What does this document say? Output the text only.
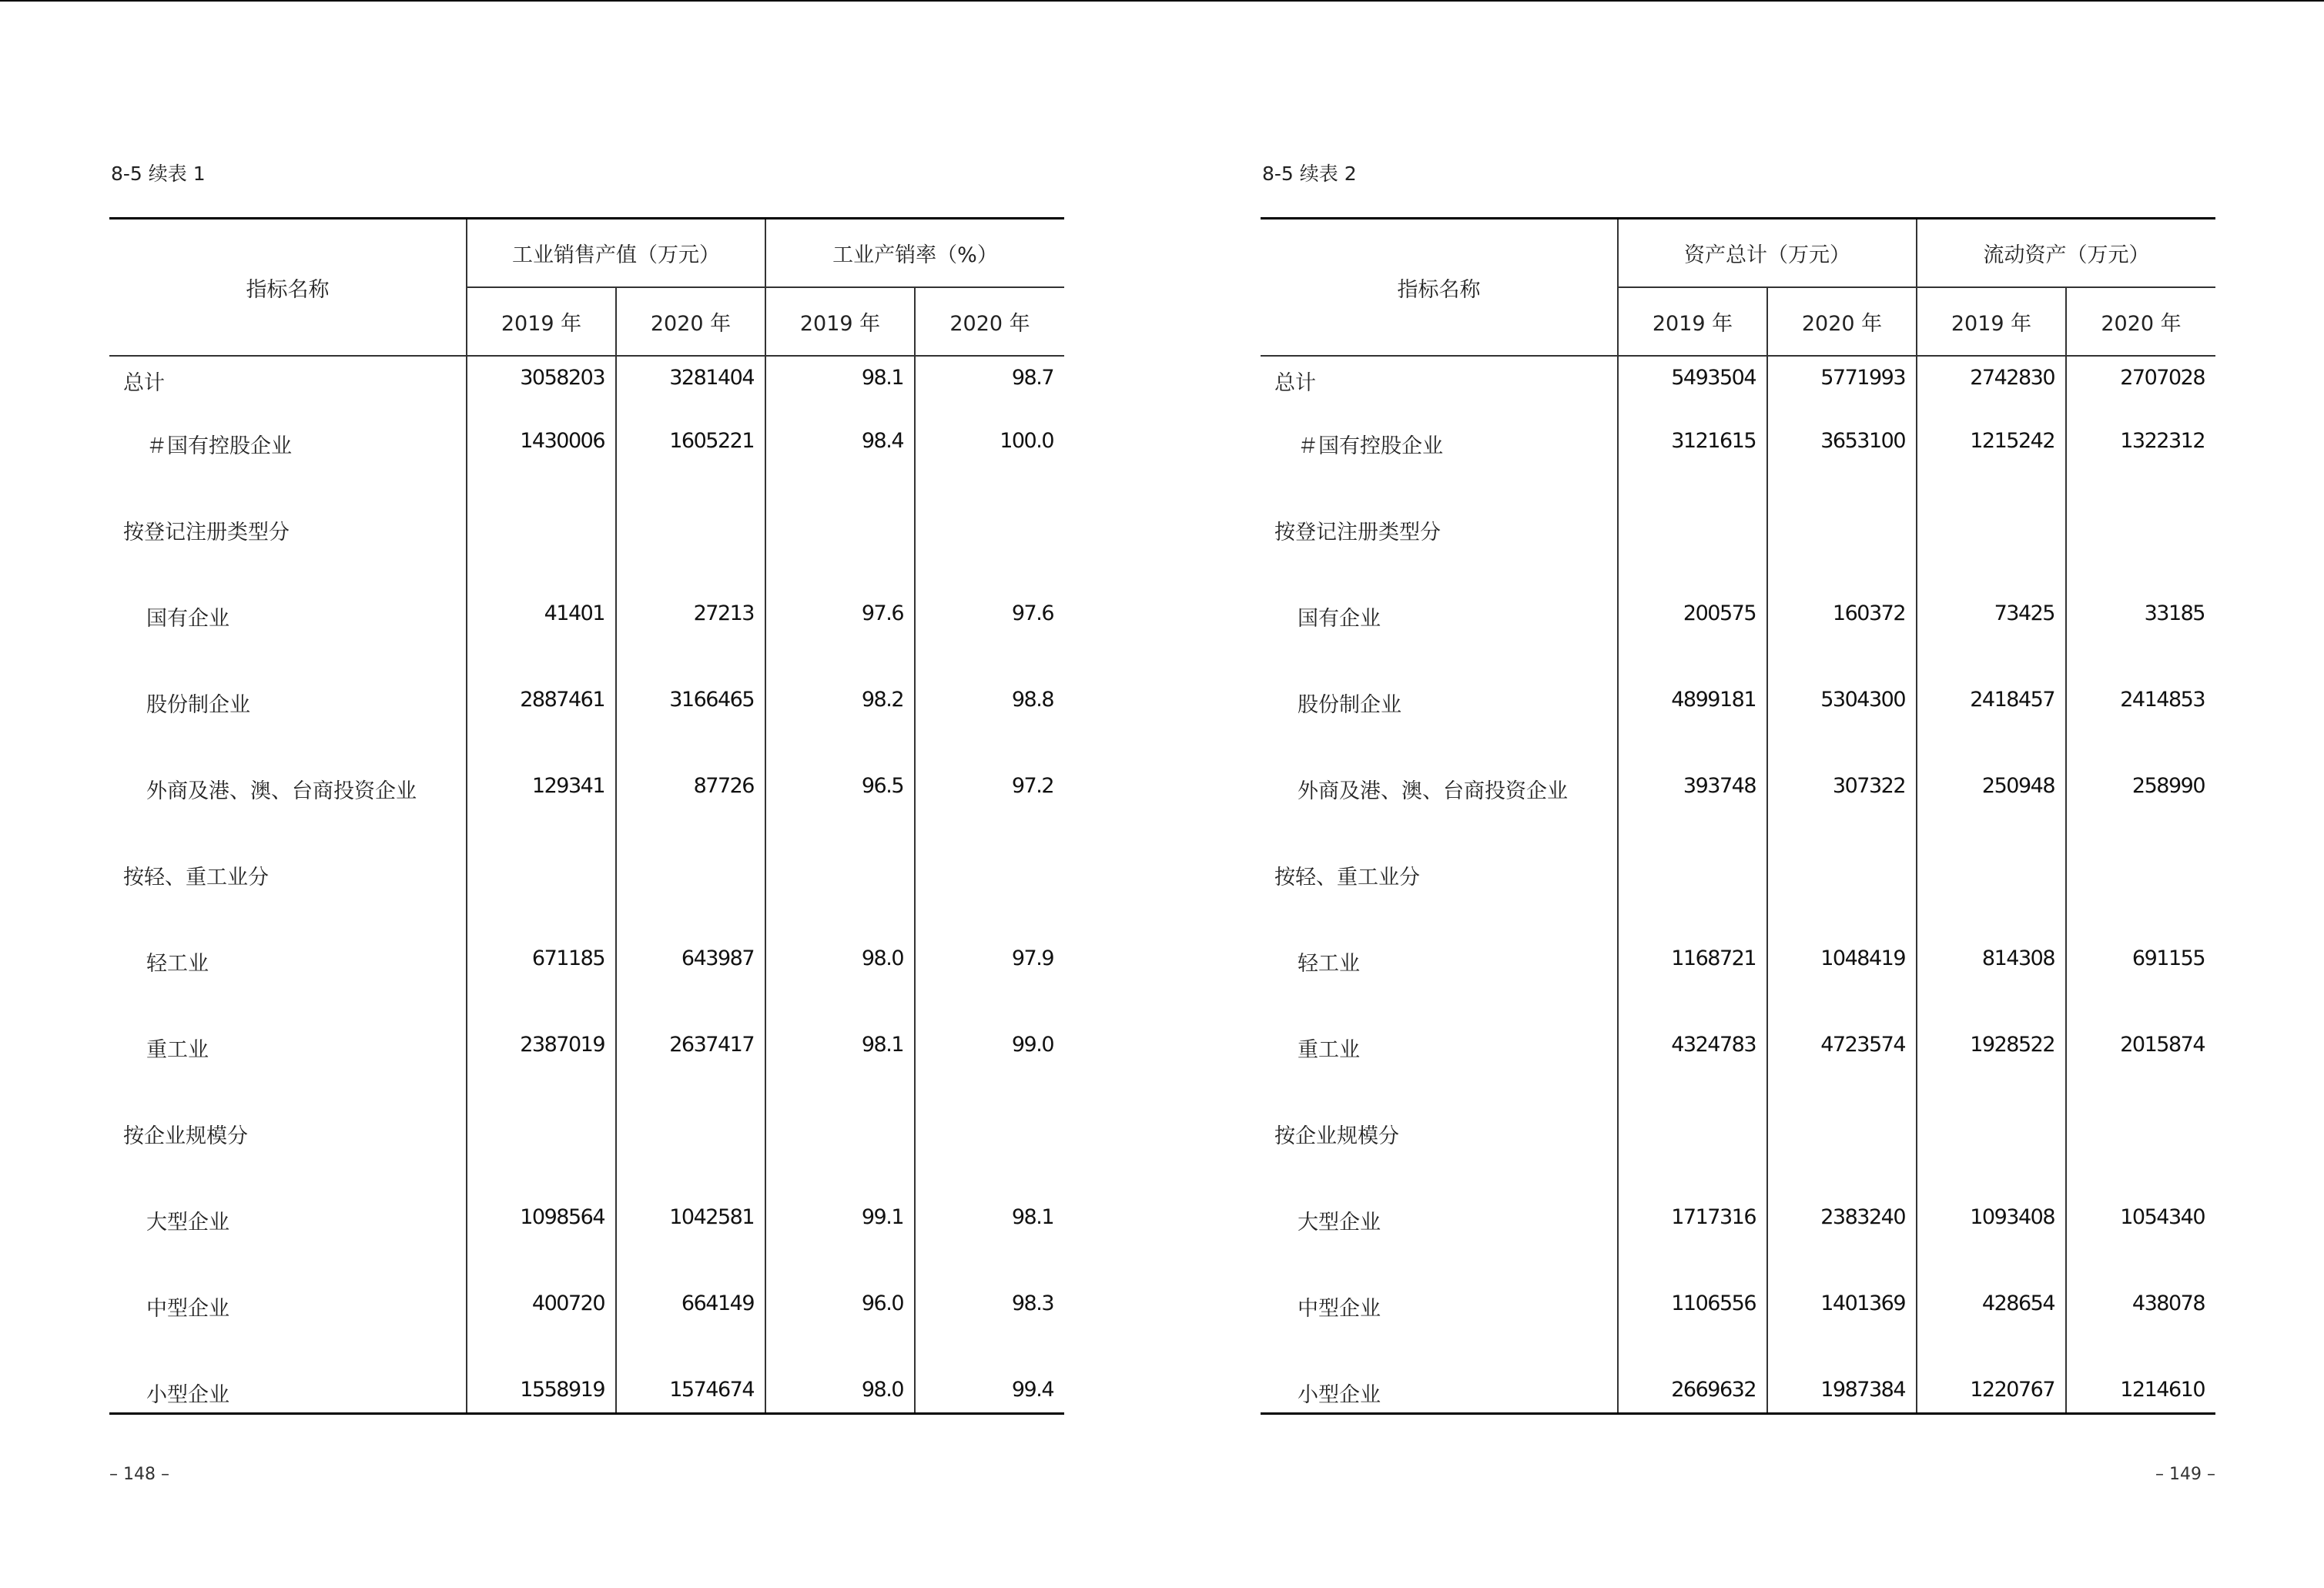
8-5 续表 1
指标名称	工业销售产值（万元）		工业产销率（%）	
	2019 年	2020 年	2019 年	2020 年
总计	3058203	3281404	98.1	98.7
＃国有控股企业	1430006	1605221	98.4	100.0
按登记注册类型分				
国有企业	41401	27213	97.6	97.6
股份制企业	2887461	3166465	98.2	98.8
外商及港、澳、台商投资企业	129341	87726	96.5	97.2
按轻、重工业分				
轻工业	671185	643987	98.0	97.9
重工业	2387019	2637417	98.1	99.0
按企业规模分				
大型企业	1098564	1042581	99.1	98.1
中型企业	400720	664149	96.0	98.3
小型企业	1558919	1574674	98.0	99.4
– 148 –
8-5 续表 2
指标名称	资产总计（万元）		流动资产（万元）	
	2019 年	2020 年	2019 年	2020 年
总计	5493504	5771993	2742830	2707028
＃国有控股企业	3121615	3653100	1215242	1322312
按登记注册类型分				
国有企业	200575	160372	73425	33185
股份制企业	4899181	5304300	2418457	2414853
外商及港、澳、台商投资企业	393748	307322	250948	258990
按轻、重工业分				
轻工业	1168721	1048419	814308	691155
重工业	4324783	4723574	1928522	2015874
按企业规模分				
大型企业	1717316	2383240	1093408	1054340
中型企业	1106556	1401369	428654	438078
小型企业	2669632	1987384	1220767	1214610
– 149 –
